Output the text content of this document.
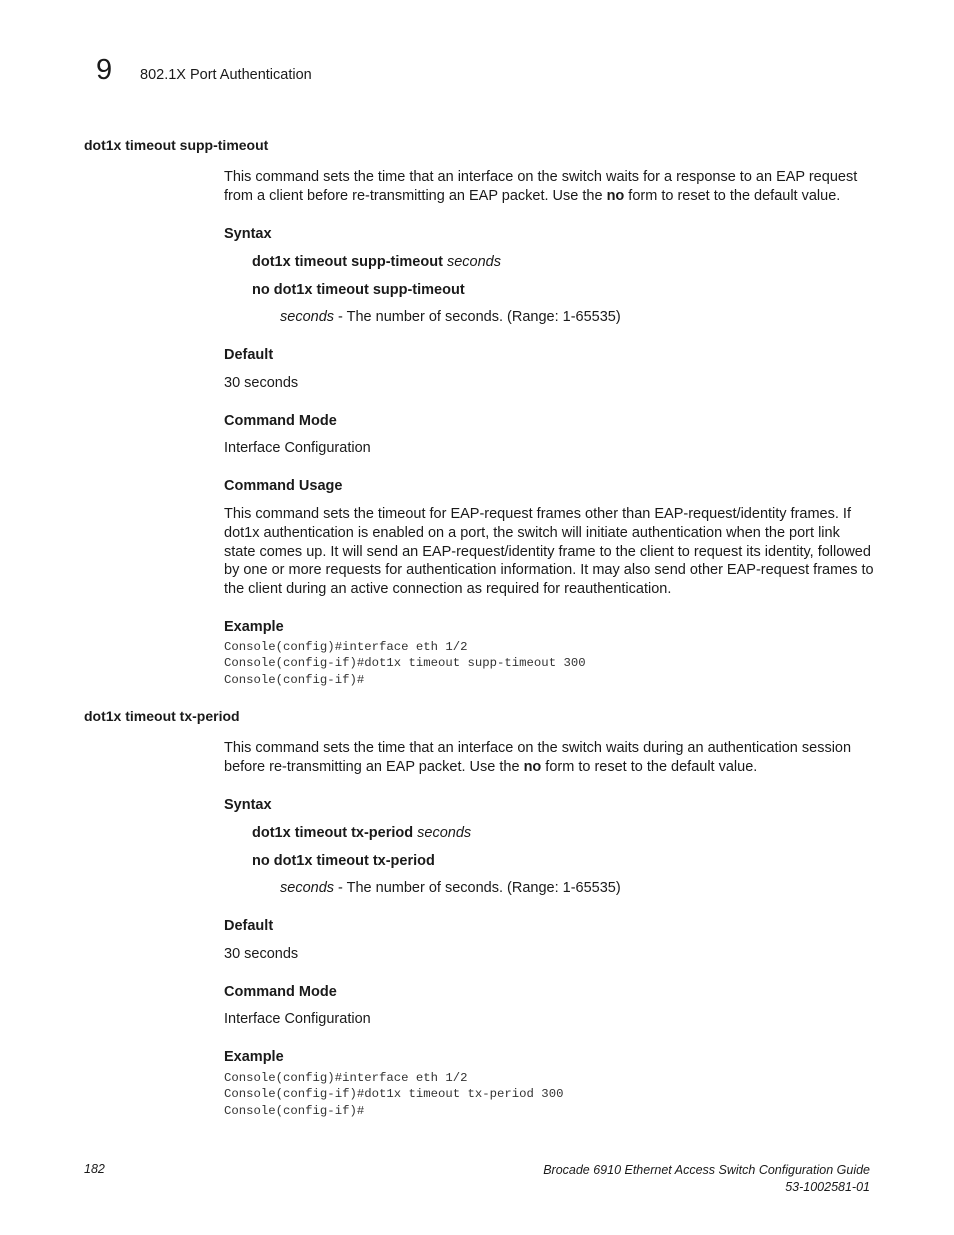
9 802.1X Port Authentication
dot1x timeout supp-timeout
This command sets the time that an interface on the switch waits for a response to an EAP request from a client before re-transmitting an EAP packet. Use the no form to reset to the default value.
Syntax
dot1x timeout supp-timeout seconds
no dot1x timeout supp-timeout
seconds - The number of seconds. (Range: 1-65535)
Default
30 seconds
Command Mode
Interface Configuration
Command Usage
This command sets the timeout for EAP-request frames other than EAP-request/identity frames. If dot1x authentication is enabled on a port, the switch will initiate authentication when the port link state comes up. It will send an EAP-request/identity frame to the client to request its identity, followed by one or more requests for authentication information. It may also send other EAP-request frames to the client during an active connection as required for reauthentication.
Example
Console(config)#interface eth 1/2
Console(config-if)#dot1x timeout supp-timeout 300
Console(config-if)#
dot1x timeout tx-period
This command sets the time that an interface on the switch waits during an authentication session before re-transmitting an EAP packet. Use the no form to reset to the default value.
Syntax
dot1x timeout tx-period seconds
no dot1x timeout tx-period
seconds - The number of seconds. (Range: 1-65535)
Default
30 seconds
Command Mode
Interface Configuration
Example
Console(config)#interface eth 1/2
Console(config-if)#dot1x timeout tx-period 300
Console(config-if)#
182	Brocade 6910 Ethernet Access Switch Configuration Guide
53-1002581-01
